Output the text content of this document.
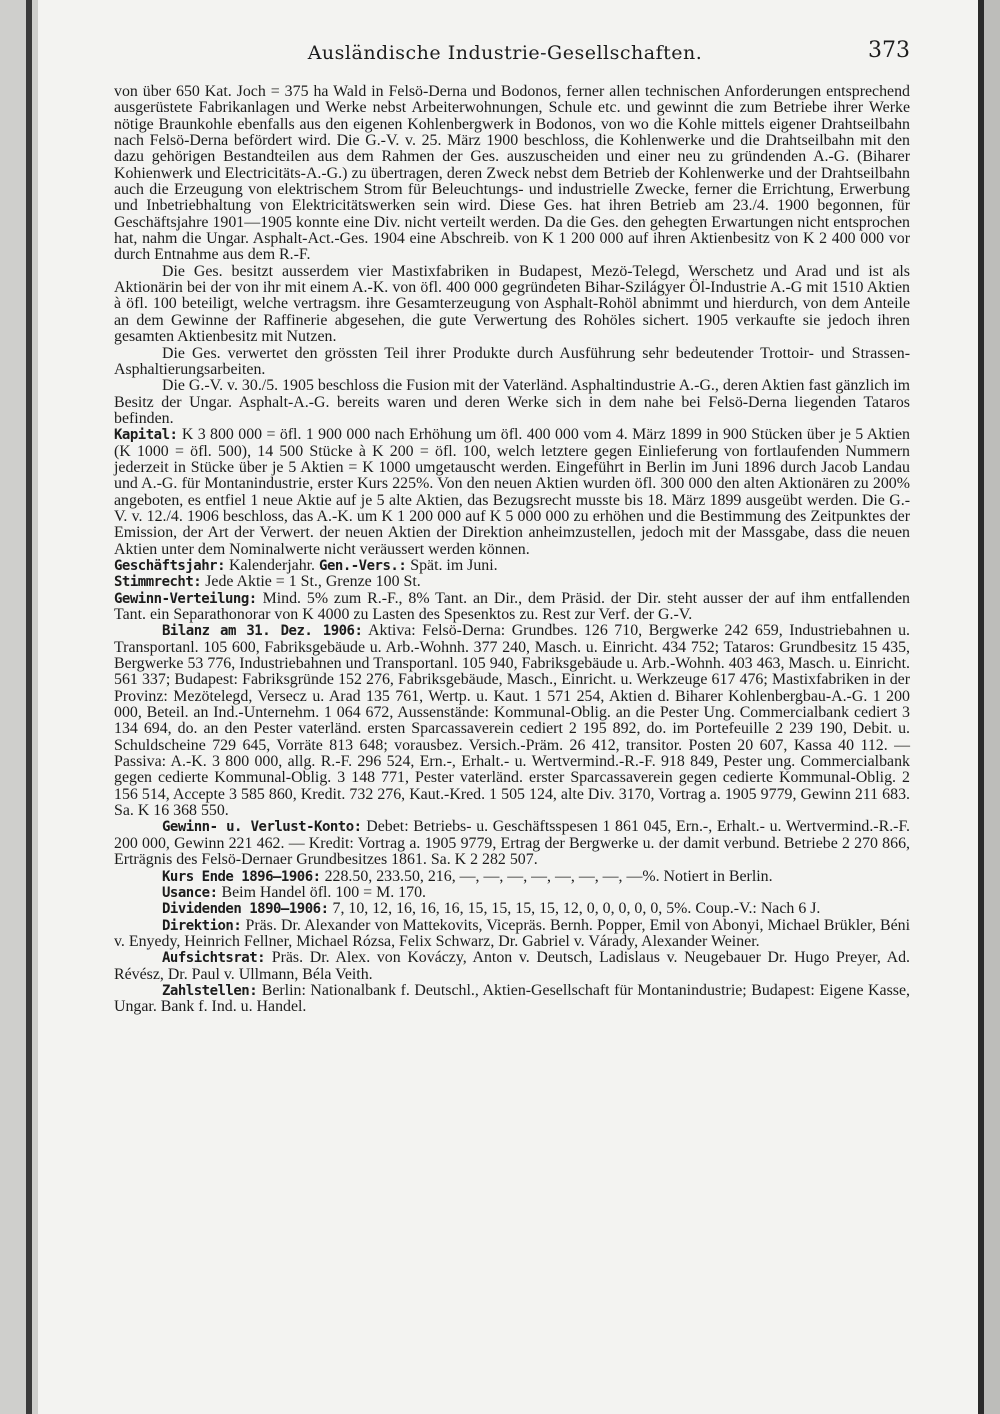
Ausländische Industrie-Gesellschaften.	373

von über 650 Kat. Joch = 375 ha Wald in Felsö-Derna und Bodonos, ferner allen technischen Anforderungen entsprechend ausgerüstete Fabrikanlagen und Werke nebst Arbeiterwohnungen, Schule etc. und gewinnt die zum Betriebe ihrer Werke nötige Braunkohle ebenfalls aus den eigenen Kohlenbergwerk in Bodonos, von wo die Kohle mittels eigener Drahtseilbahn nach Felsö-Derna befördert wird. Die G.-V. v. 25. März 1900 beschloss, die Kohlenwerke und die Drahtseilbahn mit den dazu gehörigen Bestandteilen aus dem Rahmen der Ges. auszuscheiden und einer neu zu gründenden A.-G. (Biharer Kohienwerk und Electricitäts-A.-G.) zu übertragen, deren Zweck nebst dem Betrieb der Kohlenwerke und der Drahtseilbahn auch die Erzeugung von elektrischem Strom für Beleuchtungs- und industrielle Zwecke, ferner die Errichtung, Erwerbung und Inbetriebhaltung von Elektricitätswerken sein wird. Diese Ges. hat ihren Betrieb am 23./4. 1900 begonnen, für Geschäftsjahre 1901—1905 konnte eine Div. nicht verteilt werden. Da die Ges. den gehegten Erwartungen nicht entsprochen hat, nahm die Ungar. Asphalt-Act.-Ges. 1904 eine Abschreib. von K 1 200 000 auf ihren Aktienbesitz von K 2 400 000 vor durch Entnahme aus dem R.-F.

Die Ges. besitzt ausserdem vier Mastixfabriken in Budapest, Mezö-Telegd, Werschetz und Arad und ist als Aktionärin bei der von ihr mit einem A.-K. von öfl. 400 000 gegründeten Bihar-Szilágyer Öl-Industrie A.-G mit 1510 Aktien à öfl. 100 beteiligt, welche vertragsm. ihre Gesamterzeugung von Asphalt-Rohöl abnimmt und hierdurch, von dem Anteile an dem Gewinne der Raffinerie abgesehen, die gute Verwertung des Rohöles sichert. 1905 verkaufte sie jedoch ihren gesamten Aktienbesitz mit Nutzen.

Die Ges. verwertet den grössten Teil ihrer Produkte durch Ausführung sehr bedeutender Trottoir- und Strassen-Asphaltierungsarbeiten.

Die G.-V. v. 30./5. 1905 beschloss die Fusion mit der Vaterländ. Asphaltindustrie A.-G., deren Aktien fast gänzlich im Besitz der Ungar. Asphalt-A.-G. bereits waren und deren Werke sich in dem nahe bei Felsö-Derna liegenden Tataros befinden.

Kapital: K 3 800 000 = öfl. 1 900 000 nach Erhöhung um öfl. 400 000 vom 4. März 1899 in 900 Stücken über je 5 Aktien (K 1000 = öfl. 500), 14 500 Stücke à K 200 = öfl. 100, welch letztere gegen Einlieferung von fortlaufenden Nummern jederzeit in Stücke über je 5 Aktien = K 1000 umgetauscht werden. Eingeführt in Berlin im Juni 1896 durch Jacob Landau und A.-G. für Montanindustrie, erster Kurs 225%. Von den neuen Aktien wurden öfl. 300 000 den alten Aktionären zu 200% angeboten, es entfiel 1 neue Aktie auf je 5 alte Aktien, das Bezugsrecht musste bis 18. März 1899 ausgeübt werden. Die G.-V. v. 12./4. 1906 beschloss, das A.-K. um K 1 200 000 auf K 5 000 000 zu erhöhen und die Bestimmung des Zeitpunktes der Emission, der Art der Verwert. der neuen Aktien der Direktion anheimzustellen, jedoch mit der Massgabe, dass die neuen Aktien unter dem Nominalwerte nicht veräussert werden können.

Geschäftsjahr: Kalenderjahr. Gen.-Vers.: Spät. im Juni.

Stimmrecht: Jede Aktie = 1 St., Grenze 100 St.

Gewinn-Verteilung: Mind. 5% zum R.-F., 8% Tant. an Dir., dem Präsid. der Dir. steht ausser der auf ihm entfallenden Tant. ein Separathonorar von K 4000 zu Lasten des Spesenktos zu. Rest zur Verf. der G.-V.

Bilanz am 31. Dez. 1906: Aktiva: Felsö-Derna: Grundbes. 126 710, Bergwerke 242 659, Industriebahnen u. Transportanl. 105 600, Fabriksgebäude u. Arb.-Wohnh. 377 240, Masch. u. Einricht. 434 752; Tataros: Grundbesitz 15 435, Bergwerke 53 776, Industriebahnen und Transportanl. 105 940, Fabriksgebäude u. Arb.-Wohnh. 403 463, Masch. u. Einricht. 561 337; Budapest: Fabriksgründe 152 276, Fabriksgebäude, Masch., Einricht. u. Werkzeuge 617 476; Mastixfabriken in der Provinz: Mezötelegd, Versecz u. Arad 135 761, Wertp. u. Kaut. 1 571 254, Aktien d. Biharer Kohlenbergbau-A.-G. 1 200 000, Beteil. an Ind.-Unternehm. 1 064 672, Aussenstände: Kommunal-Oblig. an die Pester Ung. Commercialbank cediert 3 134 694, do. an den Pester vaterländ. ersten Sparcassaverein cediert 2 195 892, do. im Portefeuille 2 239 190, Debit. u. Schuldscheine 729 645, Vorräte 813 648; vorausbez. Versich.-Präm. 26 412, transitor. Posten 20 607, Kassa 40 112. — Passiva: A.-K. 3 800 000, allg. R.-F. 296 524, Ern.-, Erhalt.- u. Wertvermind.-R.-F. 918 849, Pester ung. Commercialbank gegen cedierte Kommunal-Oblig. 3 148 771, Pester vaterländ. erster Sparcassaverein gegen cedierte Kommunal-Oblig. 2 156 514, Accepte 3 585 860, Kredit. 732 276, Kaut.-Kred. 1 505 124, alte Div. 3170, Vortrag a. 1905 9779, Gewinn 211 683. Sa. K 16 368 550.

Gewinn- u. Verlust-Konto: Debet: Betriebs- u. Geschäftsspesen 1 861 045, Ern.-, Erhalt.- u. Wertvermind.-R.-F. 200 000, Gewinn 221 462. — Kredit: Vortrag a. 1905 9779, Ertrag der Bergwerke u. der damit verbund. Betriebe 2 270 866, Erträgnis des Felsö-Dernaer Grundbesitzes 1861. Sa. K 2 282 507.

Kurs Ende 1896—1906: 228.50, 233.50, 216, —, —, —, —, —, —, —, —%. Notiert in Berlin.

Usance: Beim Handel öfl. 100 = M. 170.

Dividenden 1890—1906: 7, 10, 12, 16, 16, 16, 15, 15, 15, 15, 12, 0, 0, 0, 0, 0, 5%. Coup.-V.: Nach 6 J.

Direktion: Präs. Dr. Alexander von Mattekovits, Vicepräs. Bernh. Popper, Emil von Abonyi, Michael Brükler, Béni v. Enyedy, Heinrich Fellner, Michael Rózsa, Felix Schwarz, Dr. Gabriel v. Várady, Alexander Weiner.

Aufsichtsrat: Präs. Dr. Alex. von Kováczy, Anton v. Deutsch, Ladislaus v. Neugebauer Dr. Hugo Preyer, Ad. Révész, Dr. Paul v. Ullmann, Béla Veith.

Zahlstellen: Berlin: Nationalbank f. Deutschl., Aktien-Gesellschaft für Montanindustrie; Budapest: Eigene Kasse, Ungar. Bank f. Ind. u. Handel.
